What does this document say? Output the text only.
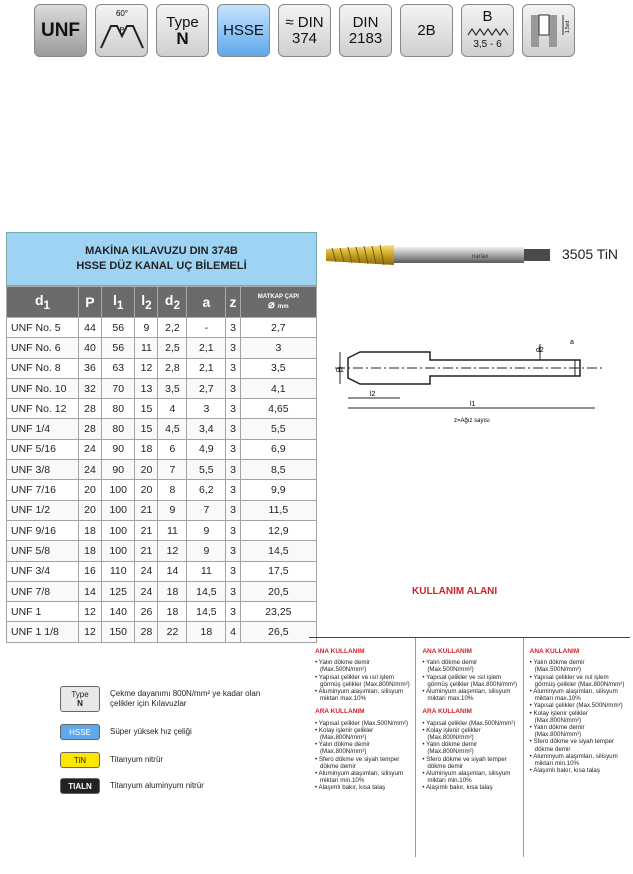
UNF
60°
P	Type
N HSSE ≈ DIN
374
DIN
2183 2B
B
3,5 - 6
1,5xd
MAKİNA KILAVUZU DIN 374B
HSSE DÜZ KANAL UÇ BİLEMELİ
$d_1$	P	$l_1$	$l_2$	$d_2$	a	z	MATKAP ÇAPI
⌀ mm

UNF No. 5	44	56	9	2,2	-	3	2,7
UNF No. 6	40	56	11	2,5	2,1	3	3
UNF No. 8	36	63	12	2,8	2,1	3	3,5
UNF No. 10	32	70	13	3,5	2,7	3	4,1
UNF No. 12	28	80	15	4	3	3	4,65
UNF 1/4	28	80	15	4,5	3,4	3	5,5
UNF 5/16	24	90	18	6	4,9	3	6,9
UNF 3/8	24	90	20	7	5,5	3	8,5
UNF 7/16	20	100	20	8	6,2	3	9,9
UNF 1/2	20	100	21	9	7	3	11,5
UNF 9/16	18	100	21	11	9	3	12,9
UNF 5/8	18	100	21	12	9	3	14,5
UNF 3/4	16	110	24	14	11	3	17,5
UNF 7/8	14	125	24	18	14,5	3	20,5
UNF 1	12	140	26	18	14,5	3	23,25
UNF 1 1/8	12	150	28	22	18	4	26,5
nariax	3505 TiN
d1
d2
a
l2
l1
z=Ağız sayısı
KULLANIM ALANI
Type
N
Çekme dayanımı 800N/mm² ye kadar olan çelikler için Kılavuzlar
HSSE	Süper yüksek hız çeliği
TiN	Titanyum nitrür
TIALN	Titanyum aluminyum nitrür
ANA KULLANIM
• Yalın dökme demir (Max.500N/mm²)
• Yapısal çelikler ve ısıl işlem görmüş çelikler (Max.800N/mm²)
• Aluminyum alaşımları, silisyum miktarı max.10%
ARA KULLANIM
• Yapısal çelikler (Max.500N/mm²)
• Kolay işlenir çelikler (Max.800N/mm²)
• Yalın dökme demir (Max.800N/mm²)
• Sfero dökme ve siyah temper dökme demir
• Aluminyum alaşımları, silisyum miktarı min.10%
• Alaşımlı bakır, kısa talaş
ANA KULLANIM
• Yalın dökme demir (Max.500N/mm²)
• Yapısal çelikler ve ısıl işlem görmüş çelikler (Max.800N/mm²)
• Aluminyum alaşımları, silisyum miktarı max.10%
ARA KULLANIM
• Yapısal çelikler (Max.500N/mm²)
• Kolay işlenir çelikler (Max.800N/mm²)
• Yalın dökme demir (Max.800N/mm²)
• Sfero dökme ve siyah temper dökme demir
• Aluminyum alaşımları, silisyum miktarı min.10%
• Alaşımlı bakır, kısa talaş
ANA KULLANIM
• Yalın dökme demir (Max.500N/mm²)
• Yapısal çelikler ve ısıl işlem görmüş çelikler (Max.800N/mm²)
• Aluminyum alaşımları, silisyum miktarı max.10%
• Yapısal çelikler (Max.500N/mm²)
• Kolay işlenir çelikler (Max.800N/mm²)
• Yalın dökme demir (Max.800N/mm²)
• Sfero dökme ve siyah temper dökme demir
• Aluminyum alaşımları, silisyum miktarı min.10%
• Alaşımlı bakır, kısa talaş
